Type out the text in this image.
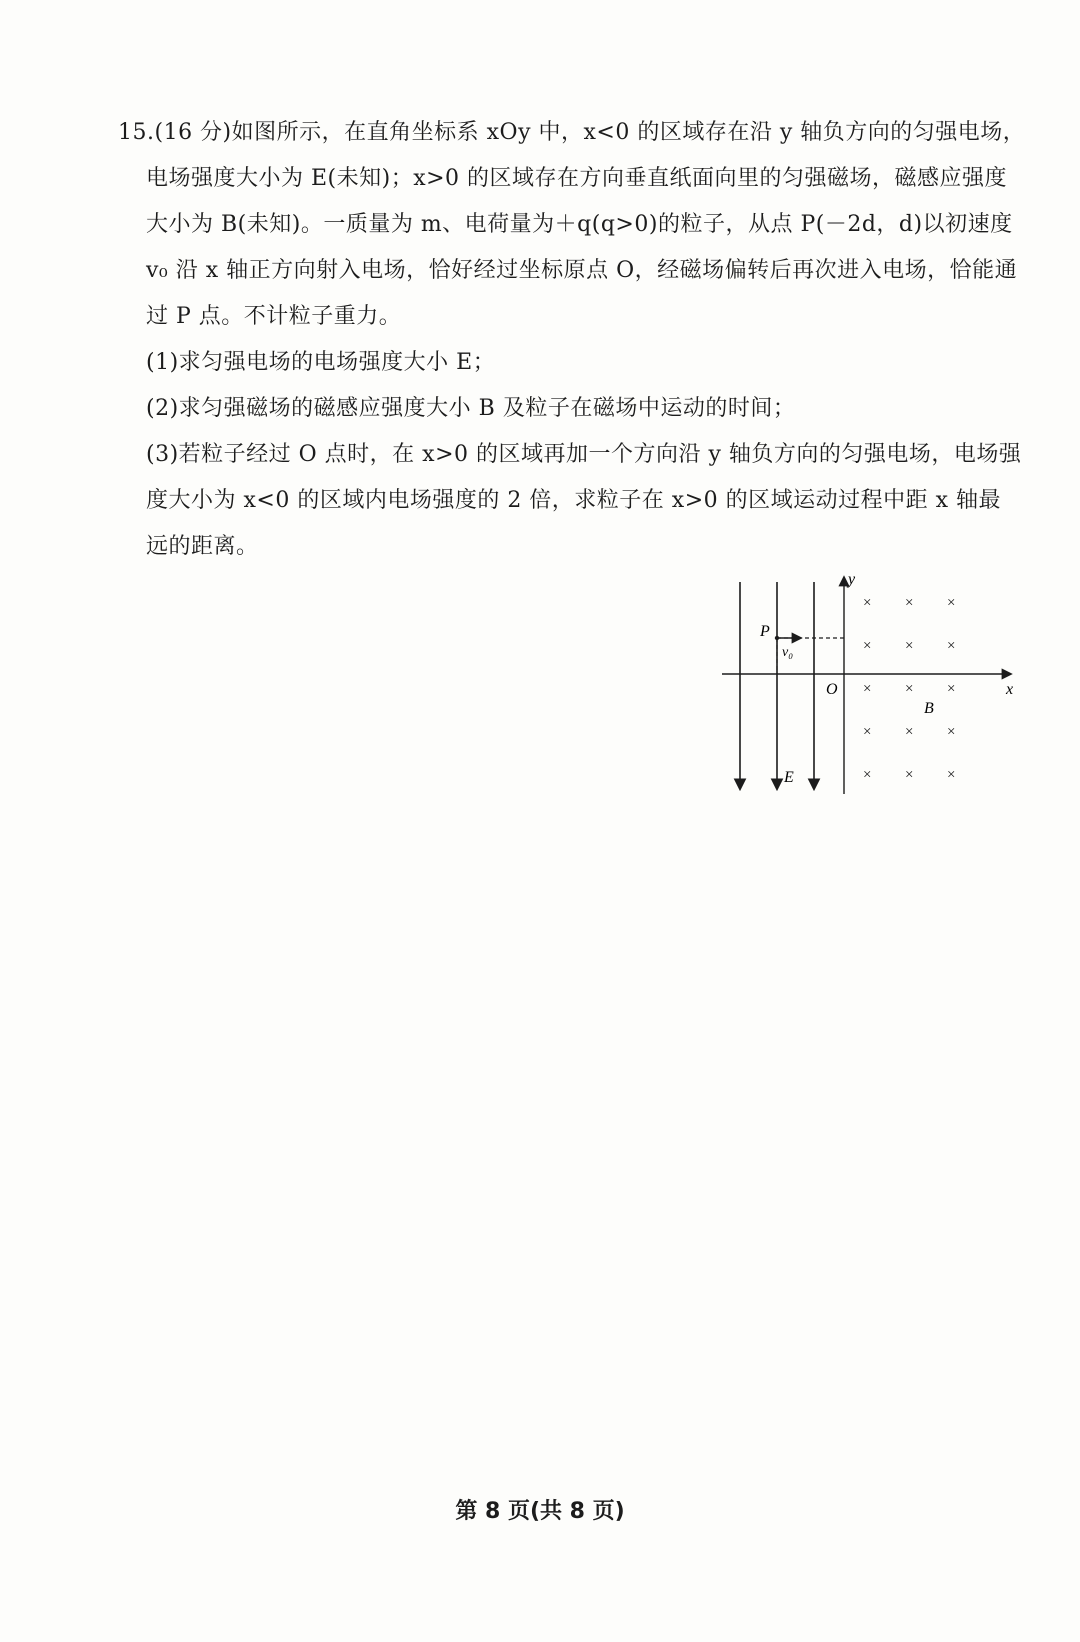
15.(16 分)如图所示，在直角坐标系 xOy 中，x<0 的区域存在沿 y 轴负方向的匀强电场，
电场强度大小为 E(未知)；x>0 的区域存在方向垂直纸面向里的匀强磁场，磁感应强度
大小为 B(未知)。一质量为 m、电荷量为＋q(q>0)的粒子，从点 P(－2d，d)以初速度
v₀ 沿 x 轴正方向射入电场，恰好经过坐标原点 O，经磁场偏转后再次进入电场，恰能通
过 P 点。不计粒子重力。
(1)求匀强电场的电场强度大小 E；
(2)求匀强磁场的磁感应强度大小 B 及粒子在磁场中运动的时间；
(3)若粒子经过 O 点时，在 x>0 的区域再加一个方向沿 y 轴负方向的匀强电场，电场强
度大小为 x<0 的区域内电场强度的 2 倍，求粒子在 x>0 的区域运动过程中距 x 轴最
远的距离。
y
x
O
P
v₀
E
B
× × ×
× × ×
× × ×
× × ×
× × ×
第 8 页(共 8 页)
